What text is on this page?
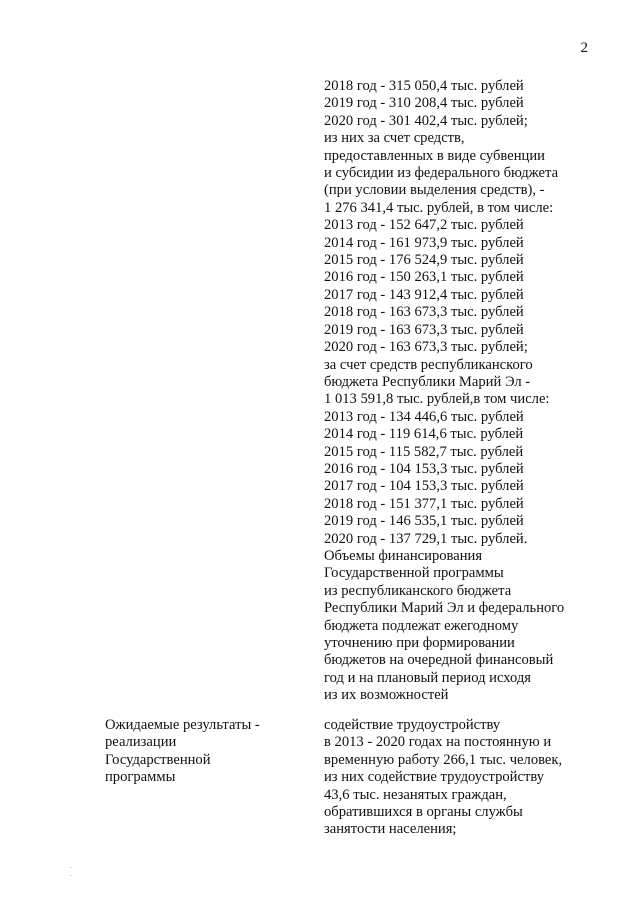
2
2018 год - 315 050,4 тыс. рублей
2019 год - 310 208,4 тыс. рублей
2020 год - 301 402,4 тыс. рублей;
из них за счет средств,
предоставленных в виде субвенции
и субсидии из федерального бюджета
(при условии выделения средств), -
1 276 341,4 тыс. рублей, в том числе:
2013 год - 152 647,2 тыс. рублей
2014 год - 161 973,9 тыс. рублей
2015 год - 176 524,9 тыс. рублей
2016 год - 150 263,1 тыс. рублей
2017 год - 143 912,4 тыс. рублей
2018 год - 163 673,3 тыс. рублей
2019 год - 163 673,3 тыс. рублей
2020 год - 163 673,3 тыс. рублей;
за счет средств республиканского
бюджета Республики Марий Эл -
1 013 591,8 тыс. рублей,в том числе:
2013 год - 134 446,6 тыс. рублей
2014 год - 119 614,6 тыс. рублей
2015 год - 115 582,7 тыс. рублей
2016 год - 104 153,3 тыс. рублей
2017 год - 104 153,3 тыс. рублей
2018 год - 151 377,1 тыс. рублей
2019 год - 146 535,1 тыс. рублей
2020 год - 137 729,1 тыс. рублей.
Объемы финансирования
Государственной программы
из республиканского бюджета
Республики Марий Эл и федерального
бюджета подлежат ежегодному
уточнению при формировании
бюджетов на очередной финансовый
год и на плановый период исходя
из их возможностей
Ожидаемые результаты -
реализации
Государственной
программы
содействие трудоустройству
в 2013 - 2020 годах на постоянную и
временную работу 266,1 тыс. человек,
из них содействие трудоустройству
43,6 тыс. незанятых граждан,
обратившихся в органы службы
занятости населения;
.
.
